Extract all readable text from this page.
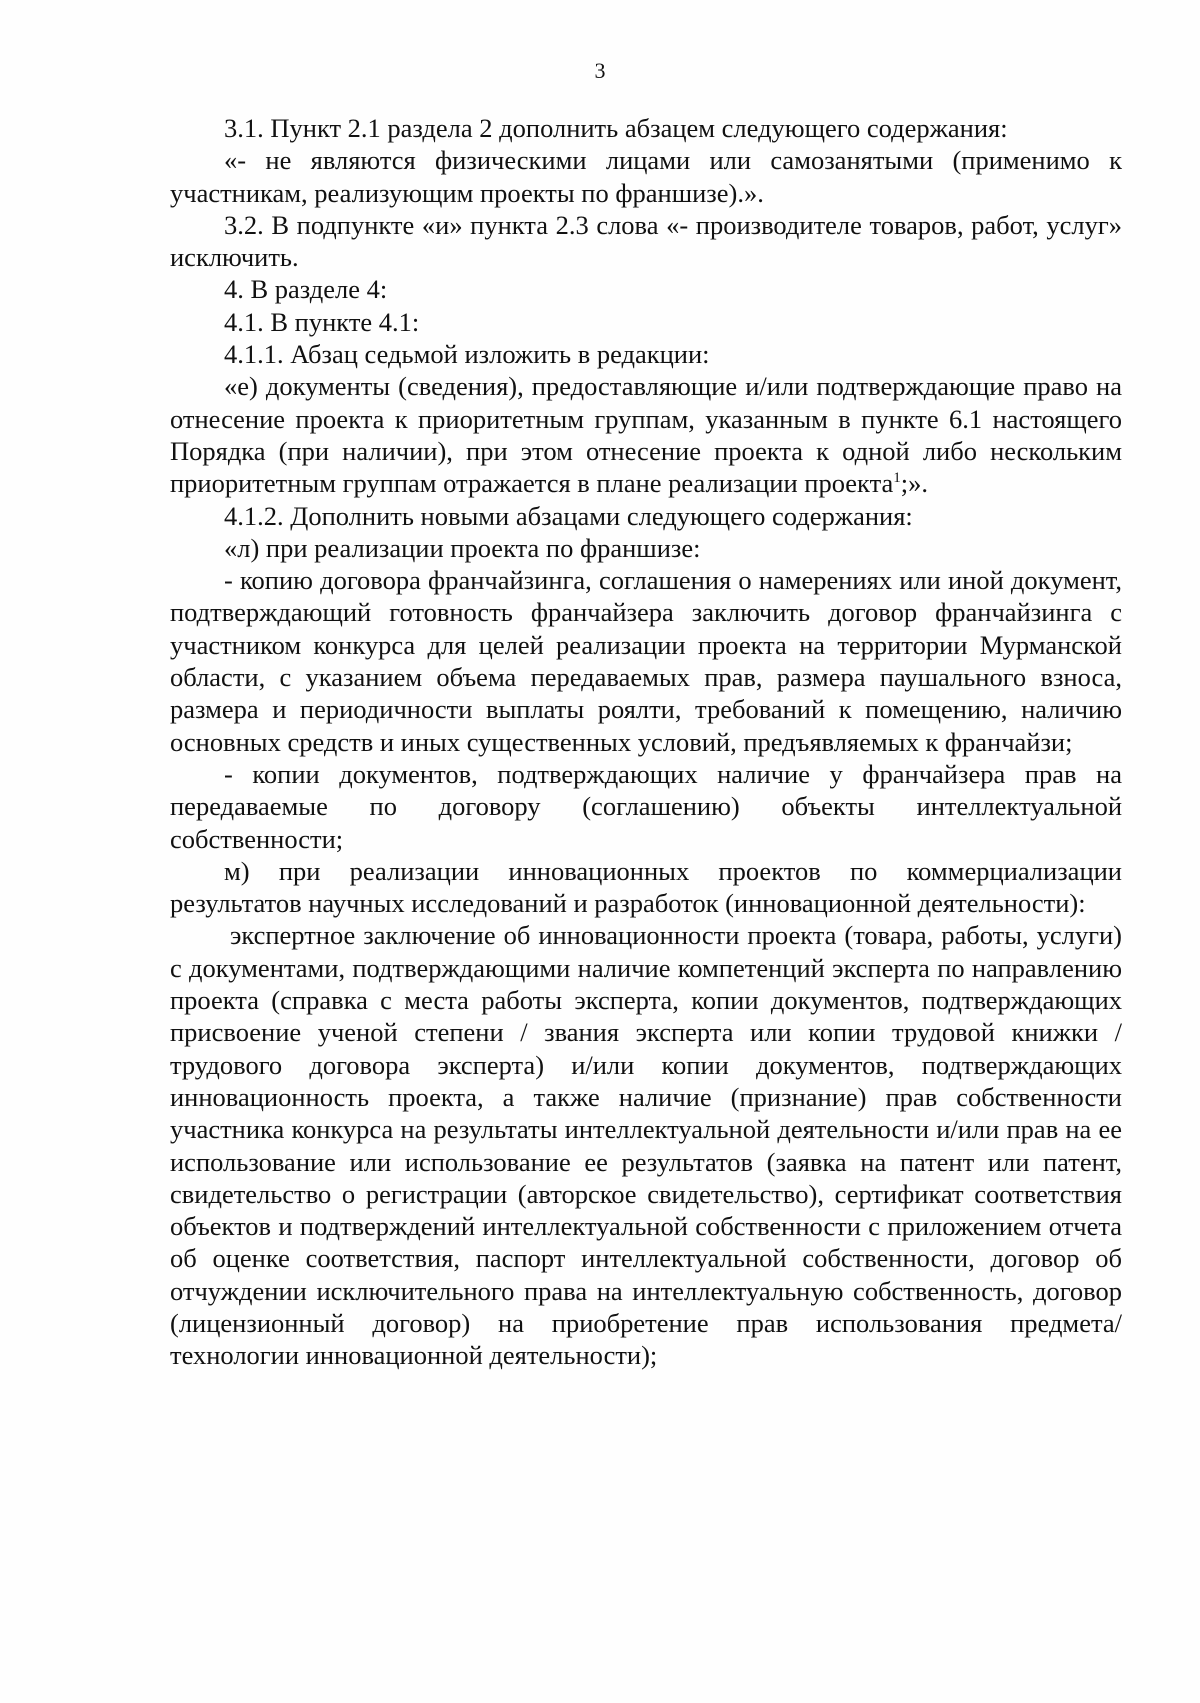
3

3.1. Пункт 2.1 раздела 2 дополнить абзацем следующего содержания:

«- не являются физическими лицами или самозанятыми (применимо к участникам, реализующим проекты по франшизе).».

3.2. В подпункте «и» пункта 2.3 слова «- производителе товаров, работ, услуг» исключить.

4. В разделе 4:

4.1. В пункте 4.1:

4.1.1. Абзац седьмой изложить в редакции:

«е) документы (сведения), предоставляющие и/или подтверждающие право на отнесение проекта к приоритетным группам, указанным в пункте 6.1 настоящего Порядка (при наличии), при этом отнесение проекта к одной либо нескольким приоритетным группам отражается в плане реализации проекта$^1$;».

4.1.2. Дополнить новыми абзацами следующего содержания:

«л) при реализации проекта по франшизе:

- копию договора франчайзинга, соглашения о намерениях или иной документ, подтверждающий готовность франчайзера заключить договор франчайзинга с участником конкурса для целей реализации проекта на территории Мурманской области, с указанием объема передаваемых прав, размера паушального взноса, размера и периодичности выплаты роялти, требований к помещению, наличию основных средств и иных существенных условий, предъявляемых к франчайзи;

- копии документов, подтверждающих наличие у франчайзера прав на передаваемые по договору (соглашению) объекты интеллектуальной собственности;

м) при реализации инновационных проектов по коммерциализации результатов научных исследований и разработок (инновационной деятельности):

экспертное заключение об инновационности проекта (товара, работы, услуги) с документами, подтверждающими наличие компетенций эксперта по направлению проекта (справка с места работы эксперта, копии документов, подтверждающих присвоение ученой степени / звания эксперта или копии трудовой книжки / трудового договора эксперта) и/или копии документов, подтверждающих инновационность проекта, а также наличие (признание) прав собственности участника конкурса на результаты интеллектуальной деятельности и/или прав на ее использование или использование ее результатов (заявка на патент или патент, свидетельство о регистрации (авторское свидетельство), сертификат соответствия объектов и подтверждений интеллектуальной собственности с приложением отчета об оценке соответствия, паспорт интеллектуальной собственности, договор об отчуждении исключительного права на интеллектуальную собственность, договор (лицензионный договор) на приобретение прав использования предмета/технологии инновационной деятельности);
